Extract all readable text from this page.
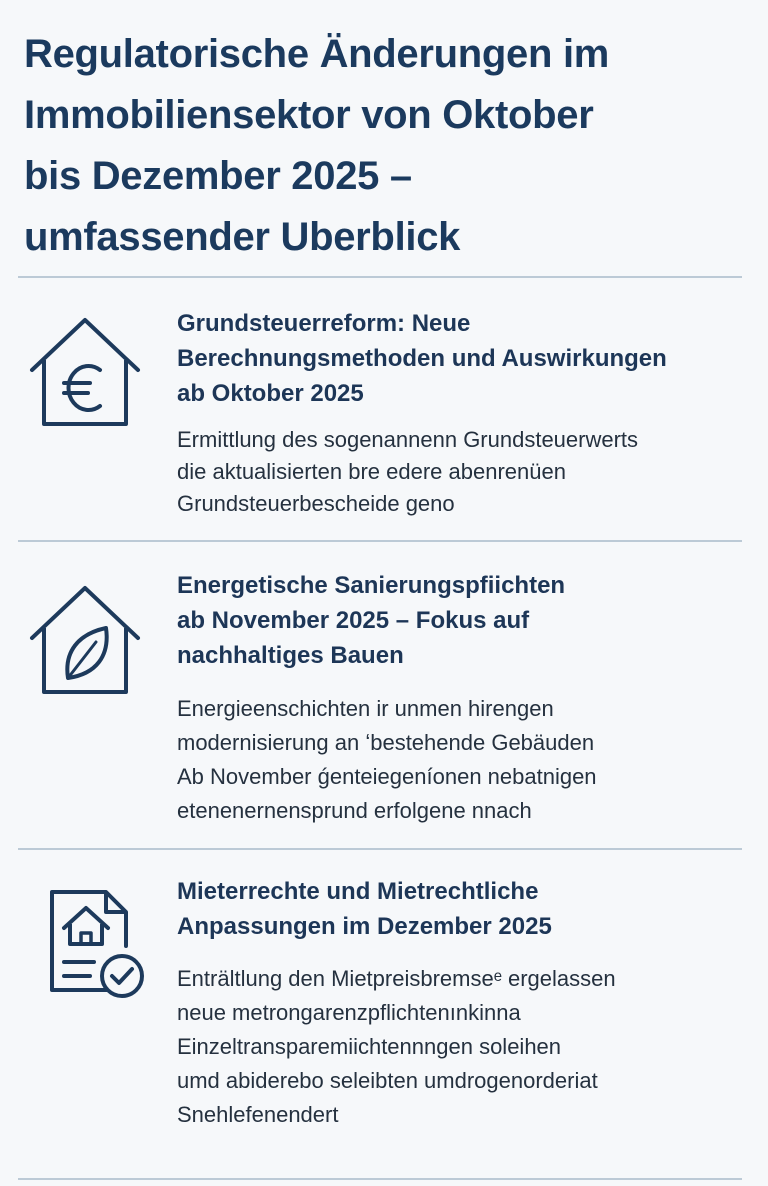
Regulatorische Änderungen im
Immobiliensektor von Oktober
bis Dezember 2025 –
umfassender Uberblick
Grundsteuerreform: Neue
Berechnungsmethoden und Auswirkungen
ab Oktober 2025

Ermittlung des sogenannenn Grundsteuerwerts
die aktualisierten bre edere abenrenüen
Grundsteuerbescheide geno

Energetische Sanierungspfiichten
ab November 2025 – Fokus auf
nachhaltiges Bauen

Energieenschichten ir unmen hirengen
modernisierung an ʻbestehende Gebäuden
Ab November ǵenteiegeníonen nebatnigen
etenenernensprund erfolgene nnach

Mieterrechte und Mietrechtliche
Anpassungen im Dezember 2025

Enträltlung den Mietpreisbremseᵉ ergelassen
neue metrongarenzpflichtenınkinna
Einzeltransparemiichtennngen soleihen
umd abiderebo seleibten umdrogenorderiat
Snehlefenendert
